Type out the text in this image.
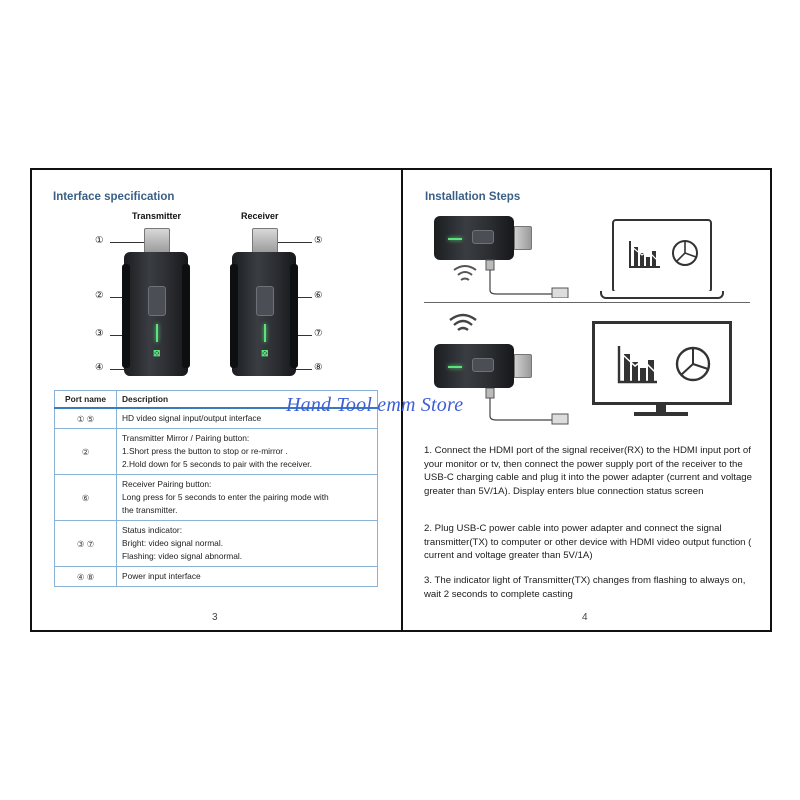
Interface specification
Transmitter	Receiver
①
②
③
④
⑤
⑥
⑦
⑧
⊠	⊠
Port name	Description
① ⑤	HD video signal input/output interface

②	Transmitter Mirror / Pairing button:
1.Short press the button to stop or re-mirror .
2.Hold down for 5 seconds to pair with the receiver.

⑥	Receiver Pairing button:
Long press for 5 seconds to enter the pairing mode with
the transmitter.

③ ⑦	Status indicator:
Bright: video signal normal.
Flashing: video signal abnormal.

④ ⑧	Power input interface
3
Installation Steps
1. Connect the HDMI port of the signal receiver(RX) to the HDMI input port of your monitor or tv, then connect the power supply port of the receiver to the USB-C charging cable and plug it into the power adapter (current and voltage greater than 5V/1A). Display enters blue connection status screen
2. Plug USB-C power cable into power adapter and connect the signal transmitter(TX) to computer or other device with HDMI video output function ( current and voltage greater than 5V/1A)
3. The indicator light of Transmitter(TX) changes from flashing to always on, wait 2 seconds to complete casting
4
Hand Tool emm Store
